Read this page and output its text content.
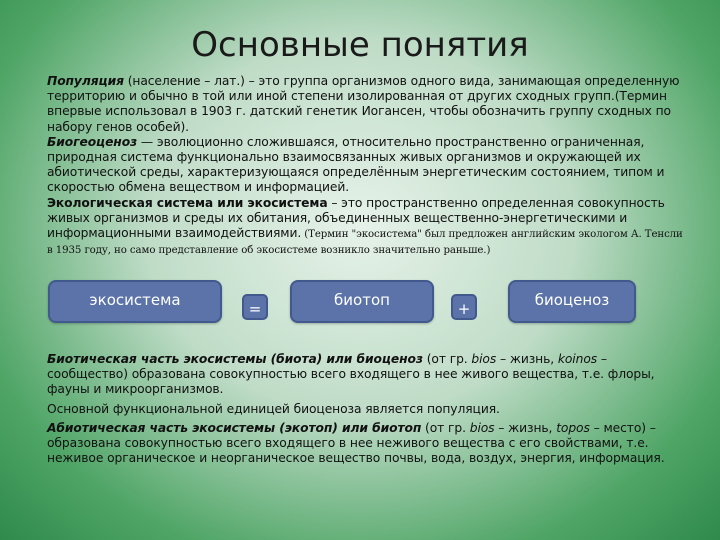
Основные понятия

Популяция (население – лат.) – это группа организмов одного вида, занимающая определенную территорию и обычно в той или иной степени изолированная от других сходных групп.(Термин впервые использовал в 1903 г. датский генетик Иогансен, чтобы обозначить группу сходных по набору генов особей).

Биогеоценоз — эволюционно сложившаяся, относительно пространственно ограниченная, природная система функционально взаимосвязанных живых организмов и окружающей их абиотической среды, характеризующаяся определённым энергетическим состоянием, типом и скоростью обмена веществом и информацией.

Экологическая система или экосистема – это пространственно определенная совокупность живых организмов и среды их обитания, объединенных вещественно-энергетическими и информационными взаимодействиями. (Термин "экосистема" был предложен английским экологом А. Тенсли в 1935 году, но само представление об экосистеме возникло значительно раньше.)

экосистема	=	биотоп	+	биоценоз

Биотическая часть экосистемы (биота) или биоценоз (от гр. bios – жизнь, koinos – сообщество) образована совокупностью всего входящего в нее живого вещества, т.е. флоры, фауны и микроорганизмов.

Основной функциональной единицей биоценоза является популяция.

Абиотическая часть экосистемы (экотоп) или биотоп (от гр. bios – жизнь, topos – место) – образована совокупностью всего входящего в нее неживого вещества с его свойствами, т.е. неживое органическое и неорганическое вещество почвы, вода, воздух, энергия, информация.
